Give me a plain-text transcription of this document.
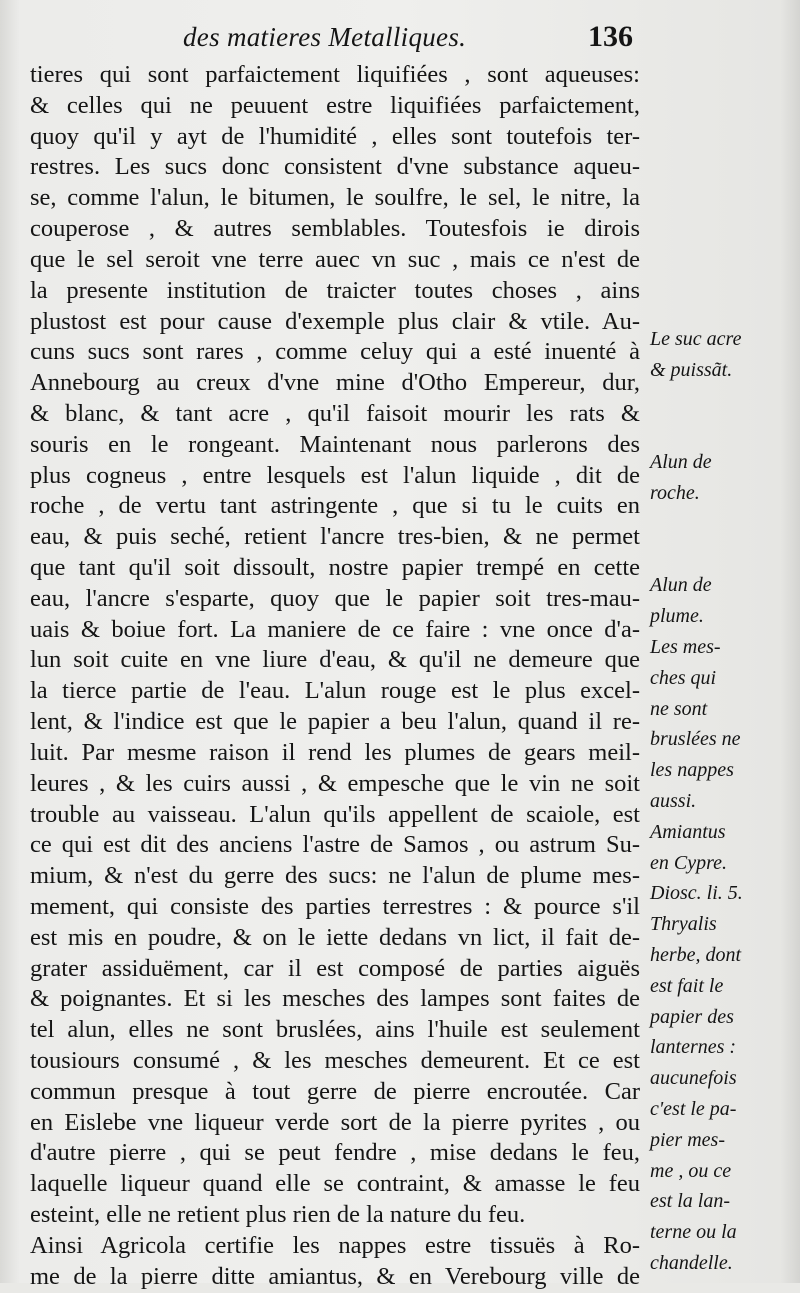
des matieres Metalliques.	136
tieres qui sont parfaictement liquifiées , sont aqueuses:
& celles qui ne peuuent estre liquifiées parfaictement,
quoy qu'il y ayt de l'humidité , elles sont toutefois ter-
restres. Les sucs donc consistent d'vne substance aqueu-
se, comme l'alun, le bitumen, le soulfre, le sel, le nitre, la
couperose , & autres semblables. Toutesfois ie dirois
que le sel seroit vne terre auec vn suc , mais ce n'est de
la presente institution de traicter toutes choses , ains
plustost est pour cause d'exemple plus clair & vtile. Au-
cuns sucs sont rares , comme celuy qui a esté inuenté à
Annebourg au creux d'vne mine d'Otho Empereur, dur,
& blanc, & tant acre , qu'il faisoit mourir les rats &
souris en le rongeant. Maintenant nous parlerons des
plus cogneus , entre lesquels est l'alun liquide , dit de
roche , de vertu tant astringente , que si tu le cuits en
eau, & puis seché, retient l'ancre tres-bien, & ne permet
que tant qu'il soit dissoult, nostre papier trempé en cette
eau, l'ancre s'esparte, quoy que le papier soit tres-mau-
uais & boiue fort. La maniere de ce faire : vne once d'a-
lun soit cuite en vne liure d'eau, & qu'il ne demeure que
la tierce partie de l'eau. L'alun rouge est le plus excel-
lent, & l'indice est que le papier a beu l'alun, quand il re-
luit. Par mesme raison il rend les plumes de gears meil-
leures , & les cuirs aussi , & empesche que le vin ne soit
trouble au vaisseau. L'alun qu'ils appellent de scaiole, est
ce qui est dit des anciens l'astre de Samos , ou astrum Su-
mium, & n'est du gerre des sucs: ne l'alun de plume mes-
mement, qui consiste des parties terrestres : & pource s'il
est mis en poudre, & on le iette dedans vn lict, il fait de-
grater assiduëment, car il est composé de parties aiguës
& poignantes. Et si les mesches des lampes sont faites de
tel alun, elles ne sont bruslées, ains l'huile est seulement
tousiours consumé , & les mesches demeurent. Et ce est
commun presque à tout gerre de pierre encroutée. Car
en Eislebe vne liqueur verde sort de la pierre pyrites , ou
d'autre pierre , qui se peut fendre , mise dedans le feu,
laquelle liqueur quand elle se contraint, & amasse le feu
esteint, elle ne retient plus rien de la nature du feu.
Ainsi Agricola certifie les nappes estre tissuës à Ro-
me de la pierre ditte amiantus, & en Verebourg ville de
Le suc acre
& puissãt.
Alun de
roche.
Alun de
plume.
Les mes-
ches qui
ne sont
bruslées ne
les nappes
aussi.
Amiantus
en Cypre.
Diosc. li. 5.
Thryalis
herbe, dont
est fait le
papier des
lanternes :
aucunefois
c'est le pa-
pier mes-
me , ou ce
est la lan-
terne ou la
chandelle.
